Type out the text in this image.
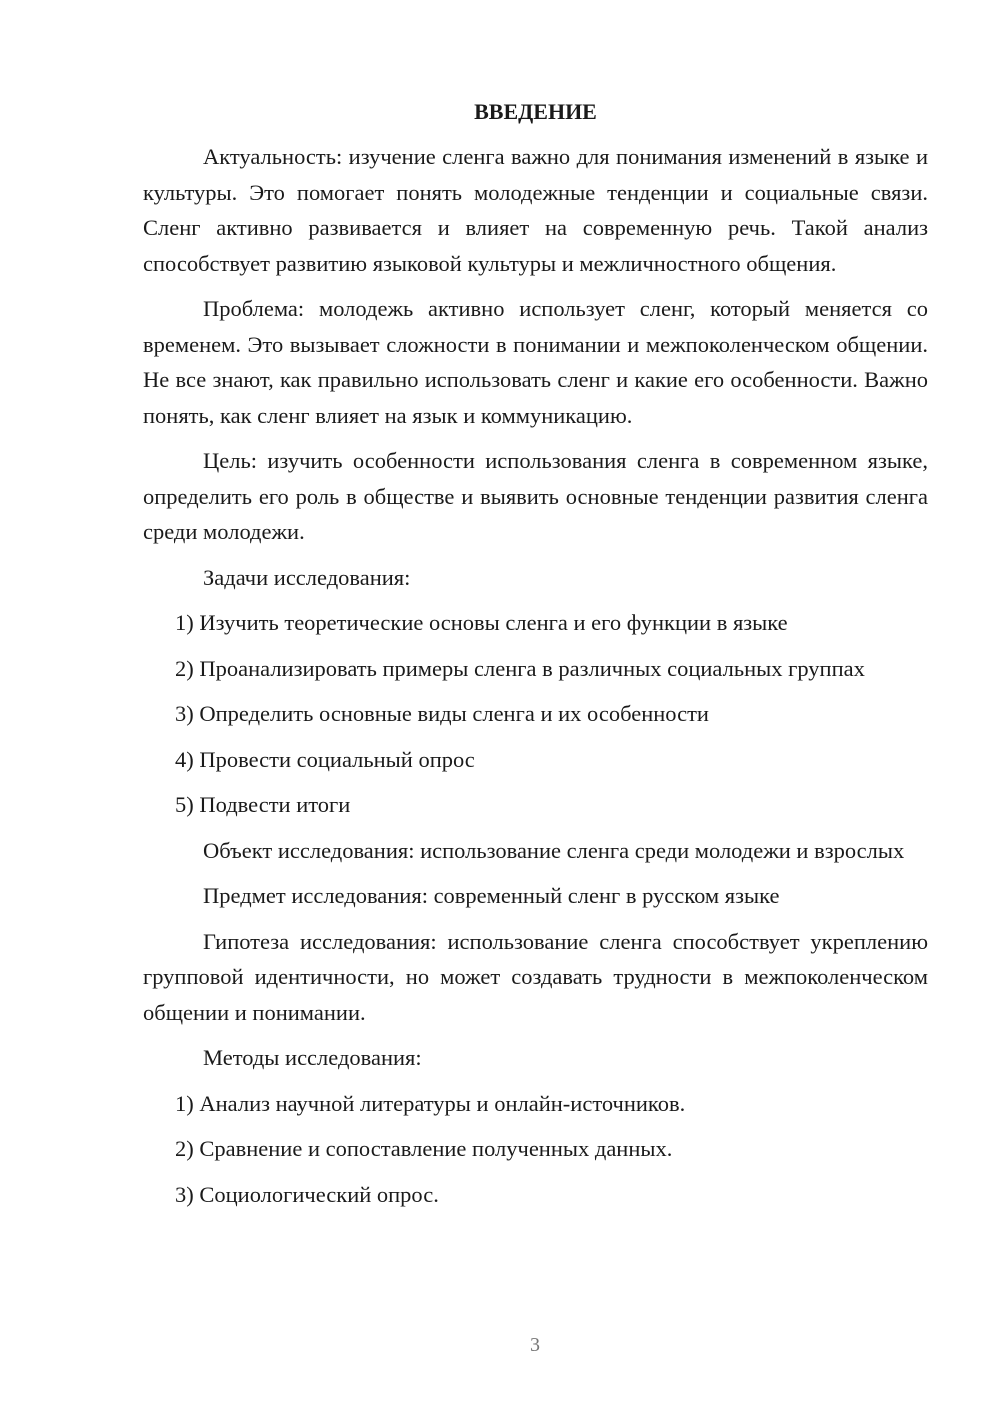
ВВЕДЕНИЕ

Актуальность: изучение сленга важно для понимания изменений в языке и культуры. Это помогает понять молодежные тенденции и социальные связи. Сленг активно развивается и влияет на современную речь. Такой анализ способствует развитию языковой культуры и межличностного общения.

Проблема: молодежь активно использует сленг, который меняется со временем. Это вызывает сложности в понимании и межпоколенческом общении. Не все знают, как правильно использовать сленг и какие его особенности. Важно понять, как сленг влияет на язык и коммуникацию.

Цель: изучить особенности использования сленга в современном языке, определить его роль в обществе и выявить основные тенденции развития сленга среди молодежи.

Задачи исследования:

1) Изучить теоретические основы сленга и его функции в языке

2) Проанализировать примеры сленга в различных социальных группах

3) Определить основные виды сленга и их особенности

4) Провести социальный опрос

5) Подвести итоги

Объект исследования: использование сленга среди молодежи и взрослых

Предмет исследования: современный сленг в русском языке

Гипотеза исследования: использование сленга способствует укреплению групповой идентичности, но может создавать трудности в межпоколенческом общении и понимании.

Методы исследования:

1) Анализ научной литературы и онлайн-источников.

2) Сравнение и сопоставление полученных данных.

3) Социологический опрос.

3
